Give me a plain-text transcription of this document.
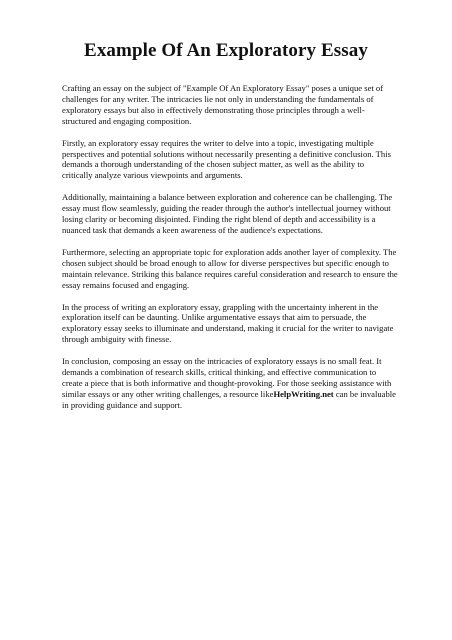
Example Of An Exploratory Essay

Crafting an essay on the subject of "Example Of An Exploratory Essay" poses a unique set of
challenges for any writer. The intricacies lie not only in understanding the fundamentals of
exploratory essays but also in effectively demonstrating those principles through a well-
structured and engaging composition.

Firstly, an exploratory essay requires the writer to delve into a topic, investigating multiple
perspectives and potential solutions without necessarily presenting a definitive conclusion. This
demands a thorough understanding of the chosen subject matter, as well as the ability to
critically analyze various viewpoints and arguments.

Additionally, maintaining a balance between exploration and coherence can be challenging. The
essay must flow seamlessly, guiding the reader through the author's intellectual journey without
losing clarity or becoming disjointed. Finding the right blend of depth and accessibility is a
nuanced task that demands a keen awareness of the audience's expectations.

Furthermore, selecting an appropriate topic for exploration adds another layer of complexity. The
chosen subject should be broad enough to allow for diverse perspectives but specific enough to
maintain relevance. Striking this balance requires careful consideration and research to ensure the
essay remains focused and engaging.

In the process of writing an exploratory essay, grappling with the uncertainty inherent in the
exploration itself can be daunting. Unlike argumentative essays that aim to persuade, the
exploratory essay seeks to illuminate and understand, making it crucial for the writer to navigate
through ambiguity with finesse.

In conclusion, composing an essay on the intricacies of exploratory essays is no small feat. It
demands a combination of research skills, critical thinking, and effective communication to
create a piece that is both informative and thought-provoking. For those seeking assistance with
similar essays or any other writing challenges, a resource likeHelpWriting.net can be invaluable
in providing guidance and support.
